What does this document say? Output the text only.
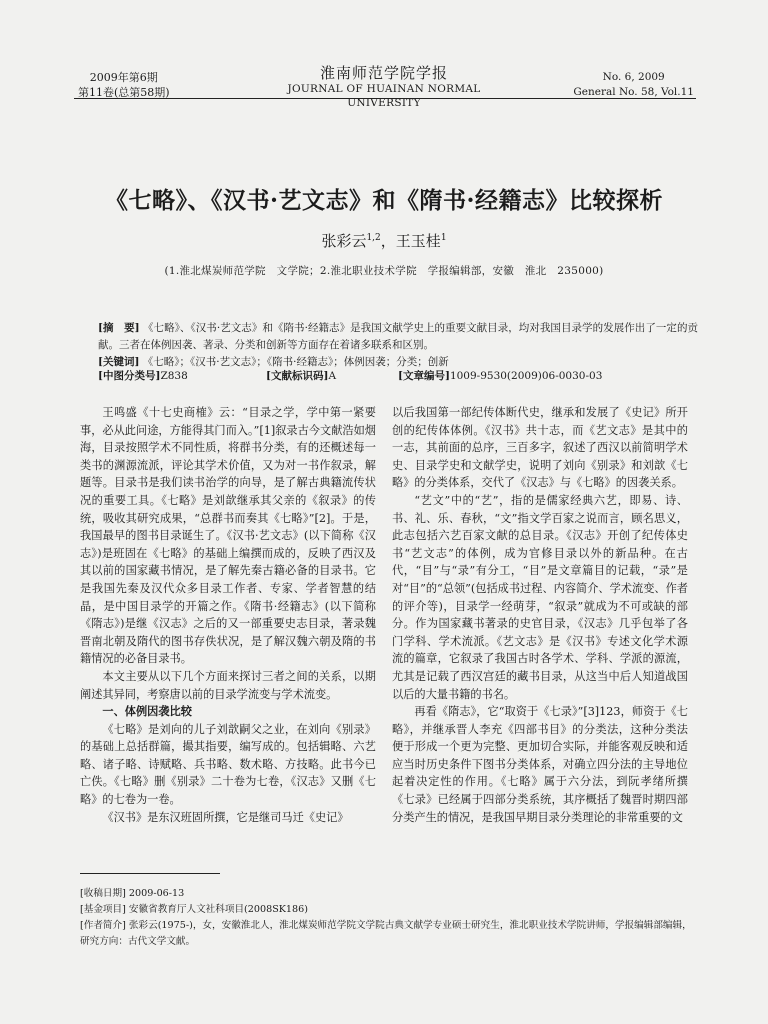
2009年第6期
第11卷(总第58期)
淮南师范学院学报
JOURNAL OF HUAINAN NORMAL UNIVERSITY
No. 6, 2009
General No. 58, Vol.11
《七略》、《汉书·艺文志》和《隋书·经籍志》比较探析
张彩云$^{1,2}$，王玉桂$^1$
(1.淮北煤炭师范学院　文学院；2.淮北职业技术学院　学报编辑部，安徽　淮北　235000)
[摘　要] 《七略》、《汉书·艺文志》和《隋书·经籍志》是我国文献学史上的重要文献目录，均对我国目录学的发展作出了一定的贡献。三者在体例因袭、著录、分类和创新等方面存在着诸多联系和区别。
[关键词] 《七略》；《汉书·艺文志》；《隋书·经籍志》；体例因袭；分类；创新
[中图分类号]Z838	[文献标识码]A	[文章编号]1009-9530(2009)06-0030-03

王鸣盛《十七史商榷》云：“目录之学，学中第一紧要事，必从此问途，方能得其门而入。”[1]叙录古今文献浩如烟海，目录按照学术不同性质，将群书分类，有的还概述每一类书的渊源流派，评论其学术价值，又为对一书作叙录，解题等。目录书是我们读书治学的向导，是了解古典籍流传状况的重要工具。《七略》是刘歆继承其父亲的《叙录》的传统，吸收其研究成果，“总群书而奏其《七略》”[2]。于是，我国最早的图书目录诞生了。《汉书·艺文志》(以下简称《汉志》)是班固在《七略》的基础上编撰而成的，反映了西汉及其以前的国家藏书情况，是了解先秦古籍必备的目录书。它是我国先秦及汉代众多目录工作者、专家、学者智慧的结晶，是中国目录学的开篇之作。《隋书·经籍志》(以下简称《隋志》)是继《汉志》之后的又一部重要史志目录，著录魏晋南北朝及隋代的图书存佚状况，是了解汉魏六朝及隋的书籍情况的必备目录书。

本文主要从以下几个方面来探讨三者之间的关系，以期阐述其异同，考察唐以前的目录学流变与学术流变。

一、体例因袭比较

《七略》是刘向的儿子刘歆嗣父之业，在刘向《别录》的基础上总括群篇，撮其指要，编写成的。包括辑略、六艺略、诸子略、诗赋略、兵书略、数术略、方技略。此书今已亡佚。《七略》删《别录》二十卷为七卷，《汉志》又删《七略》的七卷为一卷。

《汉书》是东汉班固所撰，它是继司马迁《史记》

以后我国第一部纪传体断代史，继承和发展了《史记》所开创的纪传体体例。《汉书》共十志，而《艺文志》是其中的一志，其前面的总序，三百多字，叙述了西汉以前简明学术史、目录学史和文献学史，说明了刘向《别录》和刘歆《七略》的分类体系，交代了《汉志》与《七略》的因袭关系。

“艺文”中的“艺”，指的是儒家经典六艺，即易、诗、书、礼、乐、春秋，“文”指文学百家之说而言，顾名思义，此志包括六艺百家文献的总目录。《汉志》开创了纪传体史书“艺文志”的体例，成为官修目录以外的新品种。在古代，“目”与“录”有分工，“目”是文章篇目的记载，“录”是对“目”的“总领”(包括成书过程、内容简介、学术流变、作者的评介等)，目录学一经萌芽，“叙录”就成为不可或缺的部分。作为国家藏书著录的史官目录，《汉志》几乎包举了各门学科、学术流派。《艺文志》是《汉书》专述文化学术源流的篇章，它叙录了我国古时各学术、学科、学派的源流，尤其是记载了西汉宫廷的藏书目录，从这当中后人知道战国以后的大量书籍的书名。

再看《隋志》，它“取资于《七录》”[3]123，师资于《七略》，并继承晋人李充《四部书目》的分类法，这种分类法便于形成一个更为完整、更加切合实际，并能客观反映和适应当时历史条件下图书分类体系，对确立四分法的主导地位起着决定性的作用。《七略》属于六分法，到阮孝绪所撰《七录》已经属于四部分类系统，其序概括了魏晋时期四部分类产生的情况，是我国早期目录分类理论的非常重要的文

[收稿日期] 2009-06-13

[基金项目] 安徽省教育厅人文社科项目(2008SK186)

[作者简介] 张彩云(1975-)，女，安徽淮北人，淮北煤炭师范学院文学院古典文献学专业硕士研究生，淮北职业技术学院讲师，学报编辑部编辑，研究方向：古代文学文献。
